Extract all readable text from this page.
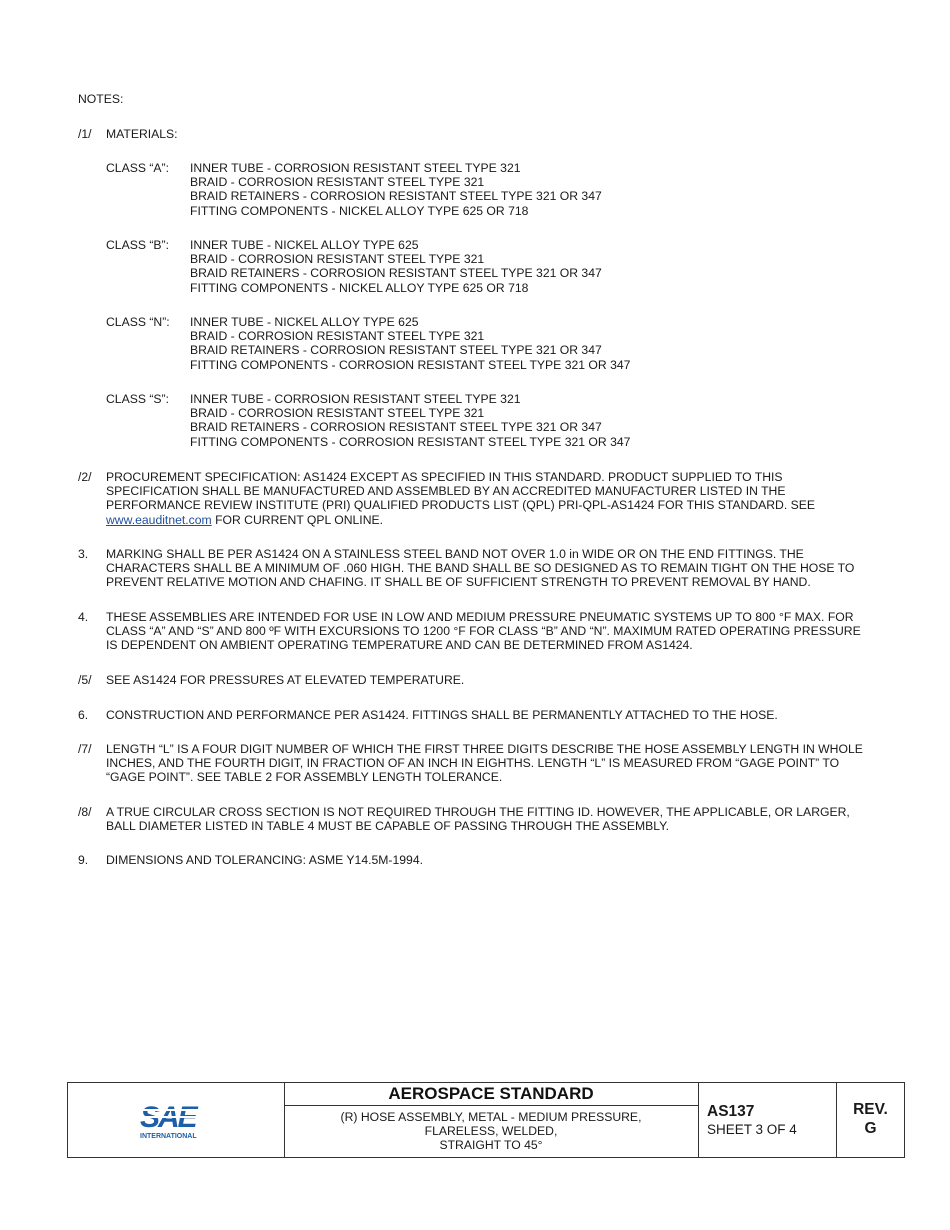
NOTES:
/1/ MATERIALS:
CLASS “A”: INNER TUBE - CORROSION RESISTANT STEEL TYPE 321
BRAID - CORROSION RESISTANT STEEL TYPE 321
BRAID RETAINERS - CORROSION RESISTANT STEEL TYPE 321 OR 347
FITTING COMPONENTS - NICKEL ALLOY TYPE 625 OR 718
CLASS “B”: INNER TUBE - NICKEL ALLOY TYPE 625
BRAID - CORROSION RESISTANT STEEL TYPE 321
BRAID RETAINERS - CORROSION RESISTANT STEEL TYPE 321 OR 347
FITTING COMPONENTS - NICKEL ALLOY TYPE 625 OR 718
CLASS “N”: INNER TUBE - NICKEL ALLOY TYPE 625
BRAID - CORROSION RESISTANT STEEL TYPE 321
BRAID RETAINERS - CORROSION RESISTANT STEEL TYPE 321 OR 347
FITTING COMPONENTS - CORROSION RESISTANT STEEL TYPE 321 OR 347
CLASS “S”: INNER TUBE - CORROSION RESISTANT STEEL TYPE 321
BRAID - CORROSION RESISTANT STEEL TYPE 321
BRAID RETAINERS - CORROSION RESISTANT STEEL TYPE 321 OR 347
FITTING COMPONENTS - CORROSION RESISTANT STEEL TYPE 321 OR 347
/2/ PROCUREMENT SPECIFICATION: AS1424 EXCEPT AS SPECIFIED IN THIS STANDARD. PRODUCT SUPPLIED TO THIS
SPECIFICATION SHALL BE MANUFACTURED AND ASSEMBLED BY AN ACCREDITED MANUFACTURER LISTED IN THE
PERFORMANCE REVIEW INSTITUTE (PRI) QUALIFIED PRODUCTS LIST (QPL) PRI-QPL-AS1424 FOR THIS STANDARD. SEE
www.eauditnet.com FOR CURRENT QPL ONLINE.
3. MARKING SHALL BE PER AS1424 ON A STAINLESS STEEL BAND NOT OVER 1.0 in WIDE OR ON THE END FITTINGS. THE
CHARACTERS SHALL BE A MINIMUM OF .060 HIGH. THE BAND SHALL BE SO DESIGNED AS TO REMAIN TIGHT ON THE HOSE TO
PREVENT RELATIVE MOTION AND CHAFING. IT SHALL BE OF SUFFICIENT STRENGTH TO PREVENT REMOVAL BY HAND.
4. THESE ASSEMBLIES ARE INTENDED FOR USE IN LOW AND MEDIUM PRESSURE PNEUMATIC SYSTEMS UP TO 800 °F MAX. FOR
CLASS “A” AND “S” AND 800 ºF WITH EXCURSIONS TO 1200 °F FOR CLASS “B” AND “N”. MAXIMUM RATED OPERATING PRESSURE
IS DEPENDENT ON AMBIENT OPERATING TEMPERATURE AND CAN BE DETERMINED FROM AS1424.
/5/ SEE AS1424 FOR PRESSURES AT ELEVATED TEMPERATURE.
6. CONSTRUCTION AND PERFORMANCE PER AS1424. FITTINGS SHALL BE PERMANENTLY ATTACHED TO THE HOSE.
/7/ LENGTH “L” IS A FOUR DIGIT NUMBER OF WHICH THE FIRST THREE DIGITS DESCRIBE THE HOSE ASSEMBLY LENGTH IN WHOLE
INCHES, AND THE FOURTH DIGIT, IN FRACTION OF AN INCH IN EIGHTHS. LENGTH “L” IS MEASURED FROM “GAGE POINT” TO
“GAGE POINT”. SEE TABLE 2 FOR ASSEMBLY LENGTH TOLERANCE.
/8/ A TRUE CIRCULAR CROSS SECTION IS NOT REQUIRED THROUGH THE FITTING ID. HOWEVER, THE APPLICABLE, OR LARGER,
BALL DIAMETER LISTED IN TABLE 4 MUST BE CAPABLE OF PASSING THROUGH THE ASSEMBLY.
9. DIMENSIONS AND TOLERANCING: ASME Y14.5M-1994.
SAE
INTERNATIONAL
AEROSPACE STANDARD
(R) HOSE ASSEMBLY, METAL - MEDIUM PRESSURE,
FLARELESS, WELDED,
STRAIGHT TO 45°
AS137
SHEET 3 OF 4
REV.
G
